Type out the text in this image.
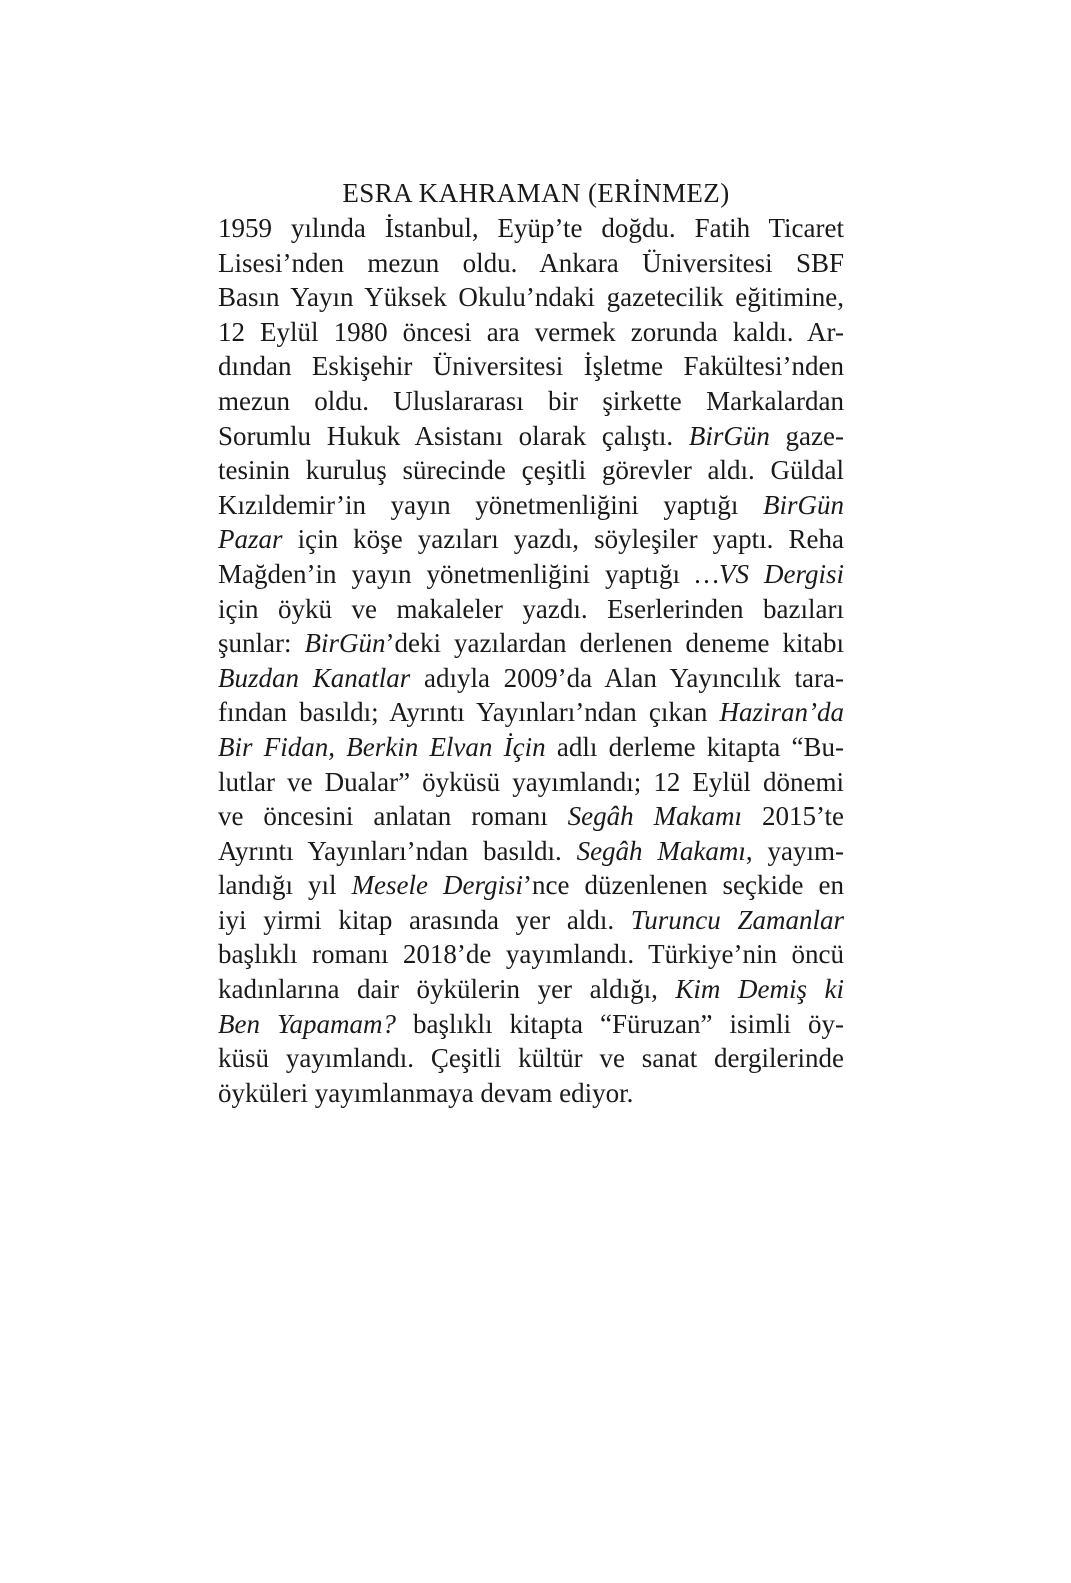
ESRA KAHRAMAN (ERİNMEZ)
1959 yılında İstanbul, Eyüp’te doğdu. Fatih Ticaret
Lisesi’nden mezun oldu. Ankara Üniversitesi SBF
Basın Yayın Yüksek Okulu’ndaki gazetecilik eğitimine,
12 Eylül 1980 öncesi ara vermek zorunda kaldı. Ar-
dından Eskişehir Üniversitesi İşletme Fakültesi’nden
mezun oldu. Uluslararası bir şirkette Markalardan
Sorumlu Hukuk Asistanı olarak çalıştı. BirGün gaze-
tesinin kuruluş sürecinde çeşitli görevler aldı. Güldal
Kızıldemir’in yayın yönetmenliğini yaptığı BirGün
Pazar için köşe yazıları yazdı, söyleşiler yaptı. Reha
Mağden’in yayın yönetmenliğini yaptığı …VS Dergisi
için öykü ve makaleler yazdı. Eserlerinden bazıları
şunlar: BirGün’deki yazılardan derlenen deneme kitabı
Buzdan Kanatlar adıyla 2009’da Alan Yayıncılık tara-
fından basıldı; Ayrıntı Yayınları’ndan çıkan Haziran’da
Bir Fidan, Berkin Elvan İçin adlı derleme kitapta “Bu-
lutlar ve Dualar” öyküsü yayımlandı; 12 Eylül dönemi
ve öncesini anlatan romanı Segâh Makamı 2015’te
Ayrıntı Yayınları’ndan basıldı. Segâh Makamı, yayım-
landığı yıl Mesele Dergisi’nce düzenlenen seçkide en
iyi yirmi kitap arasında yer aldı. Turuncu Zamanlar
başlıklı romanı 2018’de yayımlandı. Türkiye’nin öncü
kadınlarına dair öykülerin yer aldığı, Kim Demiş ki
Ben Yapamam? başlıklı kitapta “Füruzan” isimli öy-
küsü yayımlandı. Çeşitli kültür ve sanat dergilerinde
öyküleri yayımlanmaya devam ediyor.
